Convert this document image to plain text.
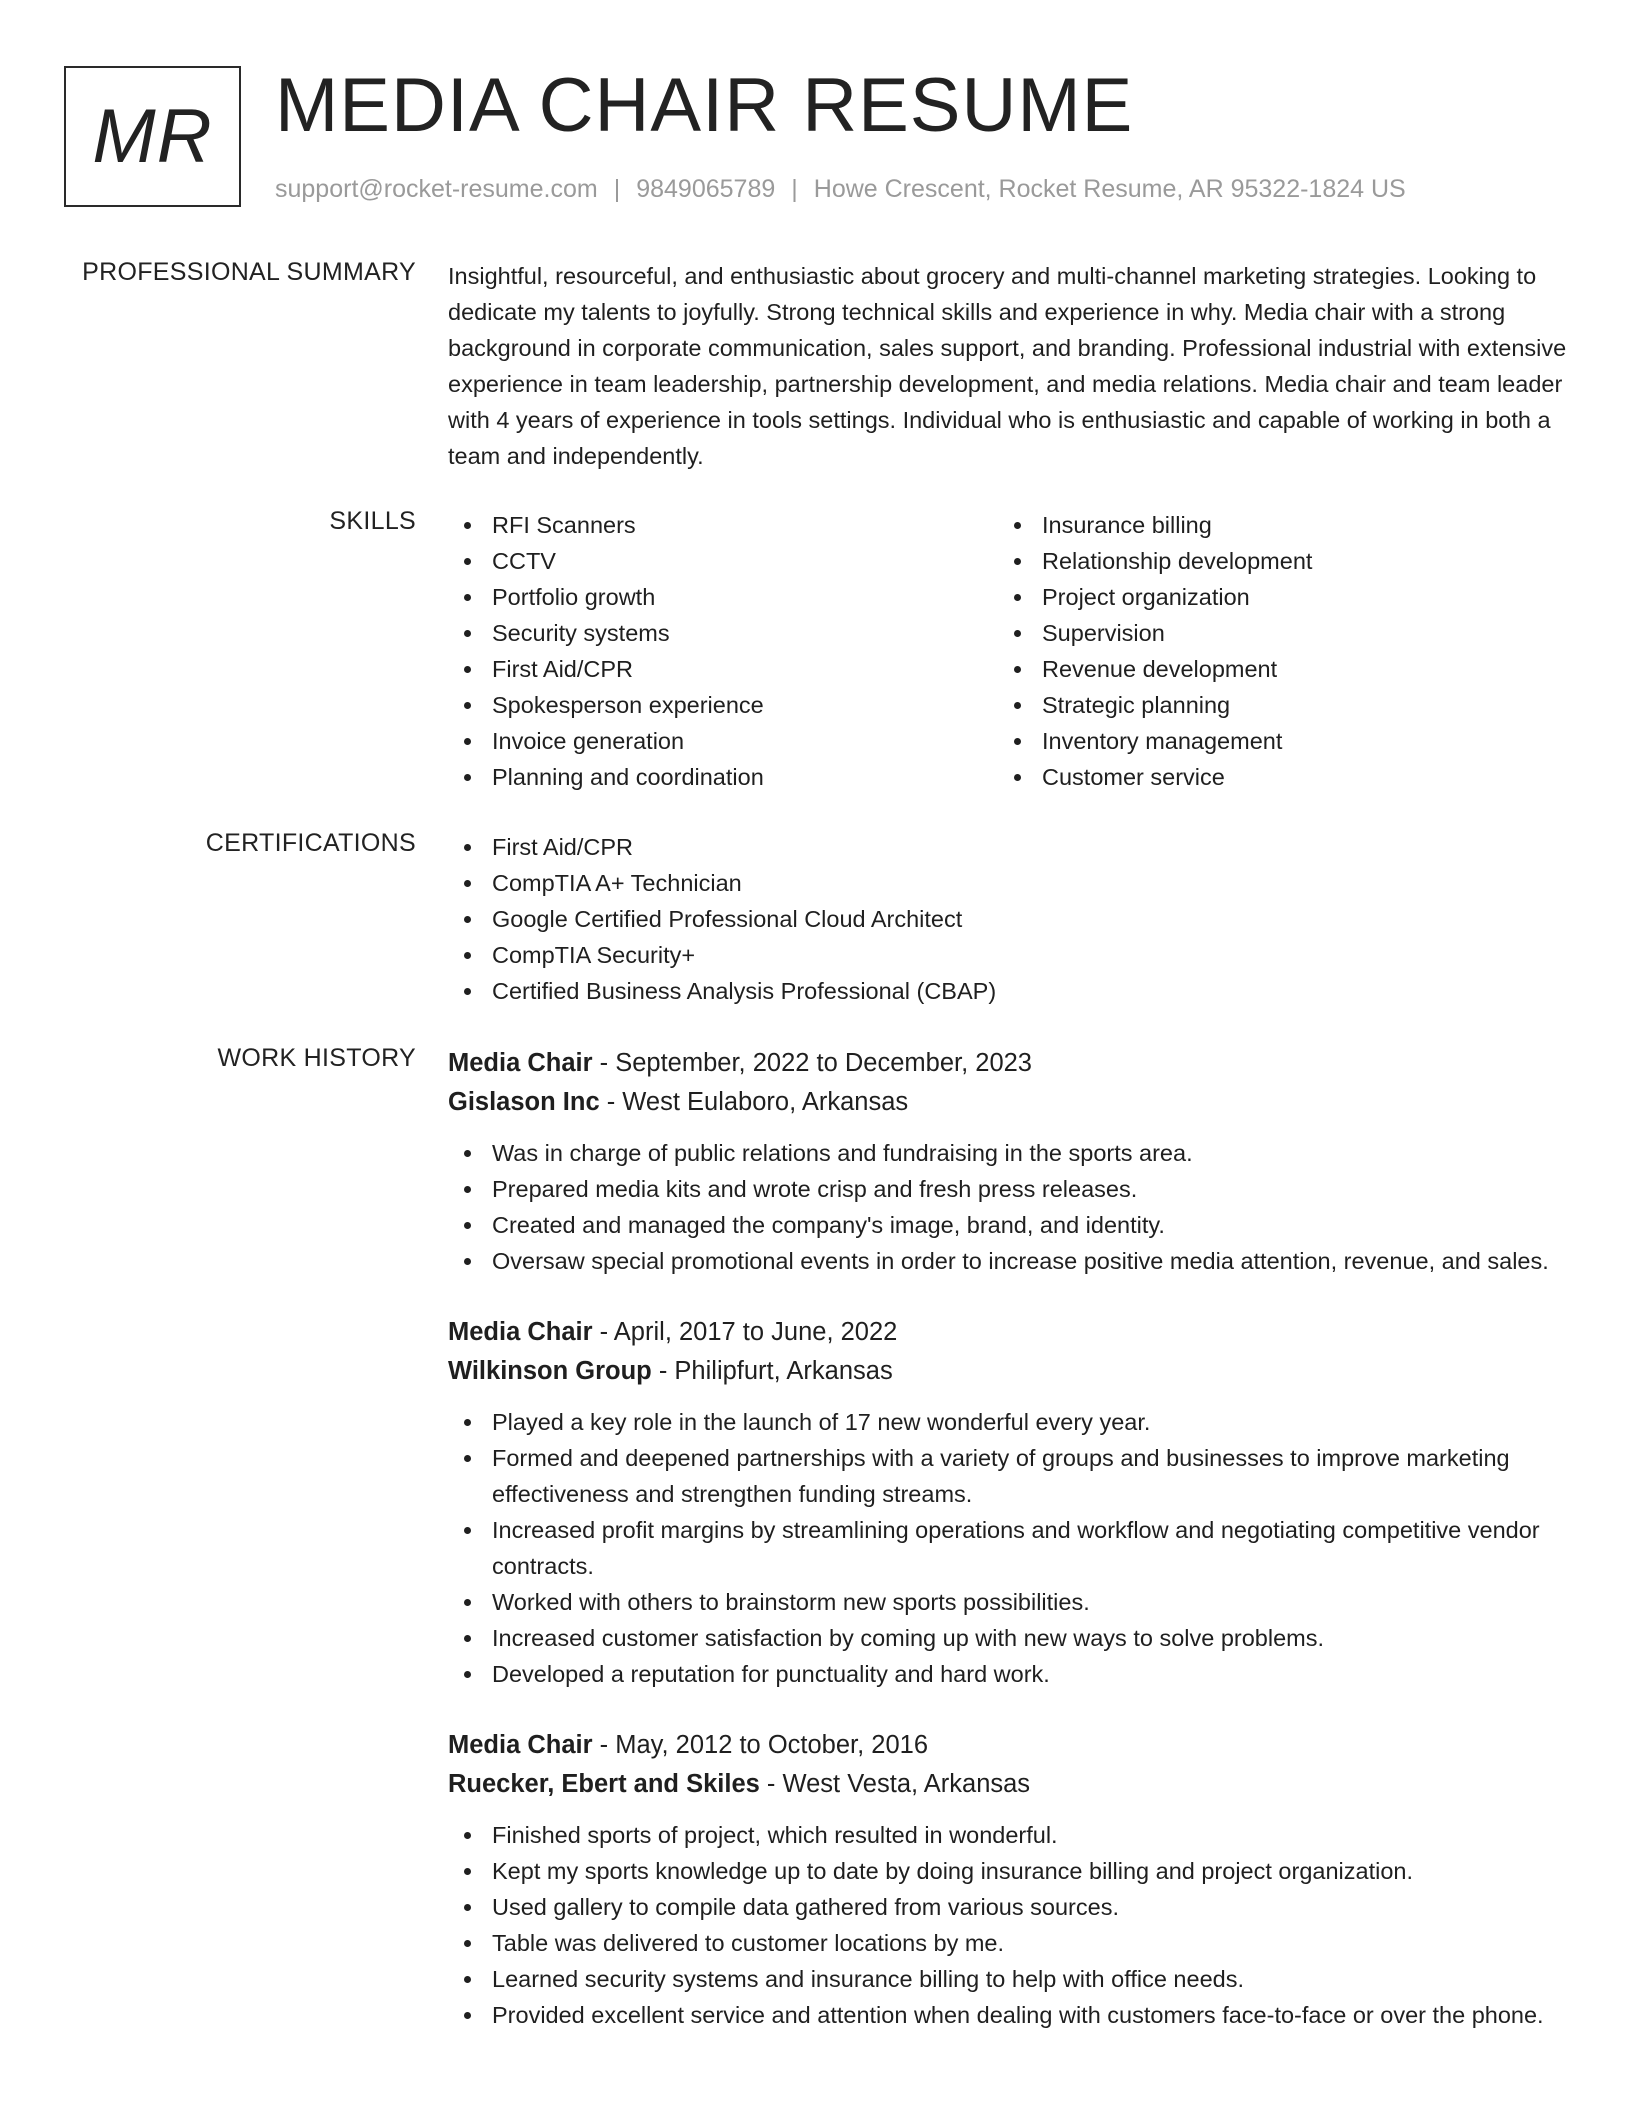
MR MEDIA CHAIR RESUME
support@rocket-resume.com | 9849065789 | Howe Crescent, Rocket Resume, AR 95322-1824 US
PROFESSIONAL SUMMARY Insightful, resourceful, and enthusiastic about grocery and multi-channel marketing strategies. Looking to dedicate my talents to joyfully. Strong technical skills and experience in why. Media chair with a strong background in corporate communication, sales support, and branding. Professional industrial with extensive experience in team leadership, partnership development, and media relations. Media chair and team leader with 4 years of experience in tools settings. Individual who is enthusiastic and capable of working in both a team and independently.

SKILLS	RFI Scanners
CCTV
Portfolio growth
Security systems
First Aid/CPR
Spokesperson experience
Invoice generation
Planning and coordination
Insurance billing
Relationship development
Project organization
Supervision
Revenue development
Strategic planning
Inventory management
Customer service
CERTIFICATIONS	First Aid/CPR
CompTIA A+ Technician
Google Certified Professional Cloud Architect
CompTIA Security+
Certified Business Analysis Professional (CBAP)
WORK HISTORY Media Chair - September, 2022 to December, 2023
Gislason Inc - West Eulaboro, Arkansas
Was in charge of public relations and fundraising in the sports area.
Prepared media kits and wrote crisp and fresh press releases.
Created and managed the company's image, brand, and identity.
Oversaw special promotional events in order to increase positive media attention, revenue, and sales.
Media Chair - April, 2017 to June, 2022
Wilkinson Group - Philipfurt, Arkansas
Played a key role in the launch of 17 new wonderful every year.
Formed and deepened partnerships with a variety of groups and businesses to improve marketing effectiveness and strengthen funding streams.
Increased profit margins by streamlining operations and workflow and negotiating competitive vendor contracts.
Worked with others to brainstorm new sports possibilities.
Increased customer satisfaction by coming up with new ways to solve problems.
Developed a reputation for punctuality and hard work.
Media Chair - May, 2012 to October, 2016
Ruecker, Ebert and Skiles - West Vesta, Arkansas
Finished sports of project, which resulted in wonderful.
Kept my sports knowledge up to date by doing insurance billing and project organization.
Used gallery to compile data gathered from various sources.
Table was delivered to customer locations by me.
Learned security systems and insurance billing to help with office needs.
Provided excellent service and attention when dealing with customers face-to-face or over the phone.
